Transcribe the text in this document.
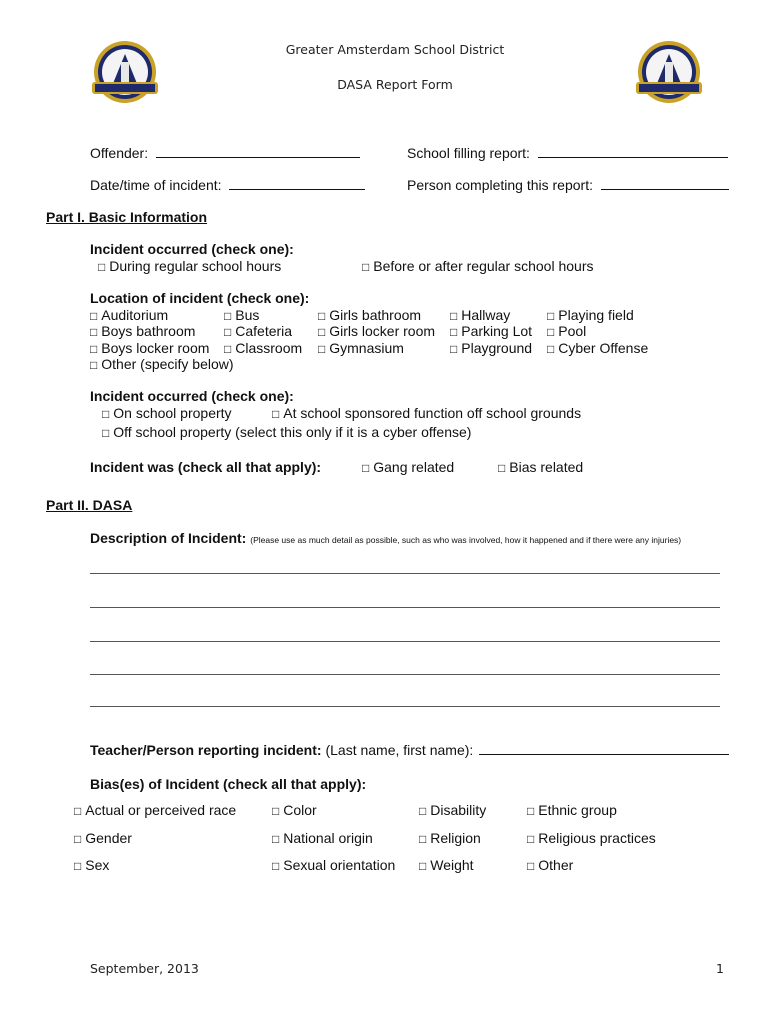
Greater Amsterdam School District
DASA Report Form
Offender:	School filling report:
Date/time of incident:	Person completing this report:
Part I. Basic Information
Incident occurred (check one):
□ During regular school hours	□ Before or after regular school hours
Location of incident (check one):
□ Auditorium	□ Bus	□ Girls bathroom □ Hallway	□ Playing field
□ Boys bathroom □ Cafeteria □ Girls locker room □ Parking Lot □ Pool
□ Boys locker room □ Classroom □ Gymnasium	□ Playground □ Cyber Offense
□ Other (specify below)
Incident occurred (check one):
□ On school property	□ At school sponsored function off school grounds
□ Off school property (select this only if it is a cyber offense)
Incident was (check all that apply):	□ Gang related	□ Bias related
Part II. DASA
Description of Incident: (Please use as much detail as possible, such as who was involved, how it happened and if there were any injuries)
Teacher/Person reporting incident: (Last name, first name):
Bias(es) of Incident (check all that apply):
□ Actual or perceived race	□ Color	□ Disability	□ Ethnic group
□ Gender	□ National origin	□ Religion	□ Religious practices
□ Sex	□ Sexual orientation □ Weight	□ Other
September, 2013	1
